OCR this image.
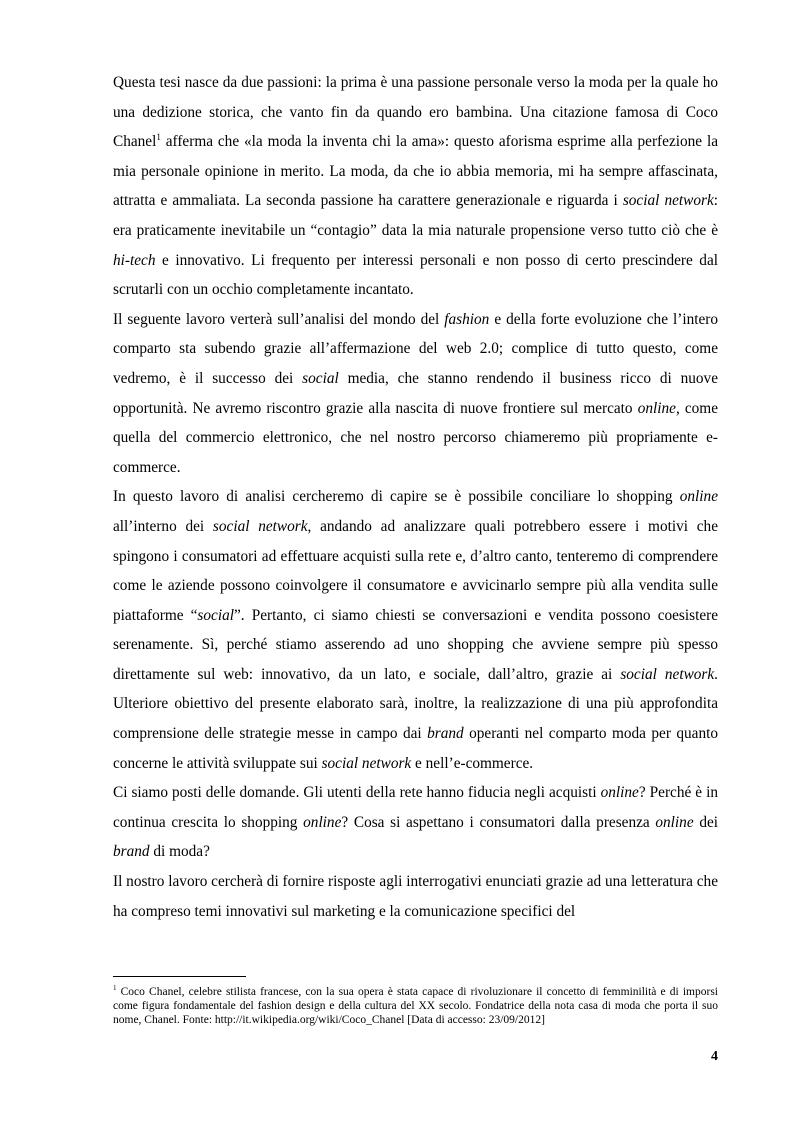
Questa tesi nasce da due passioni: la prima è una passione personale verso la moda per la quale ho una dedizione storica, che vanto fin da quando ero bambina. Una citazione famosa di Coco Chanel$^1$ afferma che «la moda la inventa chi la ama»: questo aforisma esprime alla perfezione la mia personale opinione in merito. La moda, da che io abbia memoria, mi ha sempre affascinata, attratta e ammaliata. La seconda passione ha carattere generazionale e riguarda i social network: era praticamente inevitabile un “contagio” data la mia naturale propensione verso tutto ciò che è hi-tech e innovativo. Li frequento per interessi personali e non posso di certo prescindere dal scrutarli con un occhio completamente incantato.

Il seguente lavoro verterà sull’analisi del mondo del fashion e della forte evoluzione che l’intero comparto sta subendo grazie all’affermazione del web 2.0; complice di tutto questo, come vedremo, è il successo dei social media, che stanno rendendo il business ricco di nuove opportunità. Ne avremo riscontro grazie alla nascita di nuove frontiere sul mercato online, come quella del commercio elettronico, che nel nostro percorso chiameremo più propriamente e-commerce.

In questo lavoro di analisi cercheremo di capire se è possibile conciliare lo shopping online all’interno dei social network, andando ad analizzare quali potrebbero essere i motivi che spingono i consumatori ad effettuare acquisti sulla rete e, d’altro canto, tenteremo di comprendere come le aziende possono coinvolgere il consumatore e avvicinarlo sempre più alla vendita sulle piattaforme “social”. Pertanto, ci siamo chiesti se conversazioni e vendita possono coesistere serenamente. Sì, perché stiamo asserendo ad uno shopping che avviene sempre più spesso direttamente sul web: innovativo, da un lato, e sociale, dall’altro, grazie ai social network. Ulteriore obiettivo del presente elaborato sarà, inoltre, la realizzazione di una più approfondita comprensione delle strategie messe in campo dai brand operanti nel comparto moda per quanto concerne le attività sviluppate sui social network e nell’e-commerce.

Ci siamo posti delle domande. Gli utenti della rete hanno fiducia negli acquisti online? Perché è in continua crescita lo shopping online? Cosa si aspettano i consumatori dalla presenza online dei brand di moda?

Il nostro lavoro cercherà di fornire risposte agli interrogativi enunciati grazie ad una letteratura che ha compreso temi innovativi sul marketing e la comunicazione specifici del

$^1$ Coco Chanel, celebre stilista francese, con la sua opera è stata capace di rivoluzionare il concetto di femminilità e di imporsi come figura fondamentale del fashion design e della cultura del XX secolo. Fondatrice della nota casa di moda che porta il suo nome, Chanel. Fonte: http://it.wikipedia.org/wiki/Coco_Chanel [Data di accesso: 23/09/2012]

4
